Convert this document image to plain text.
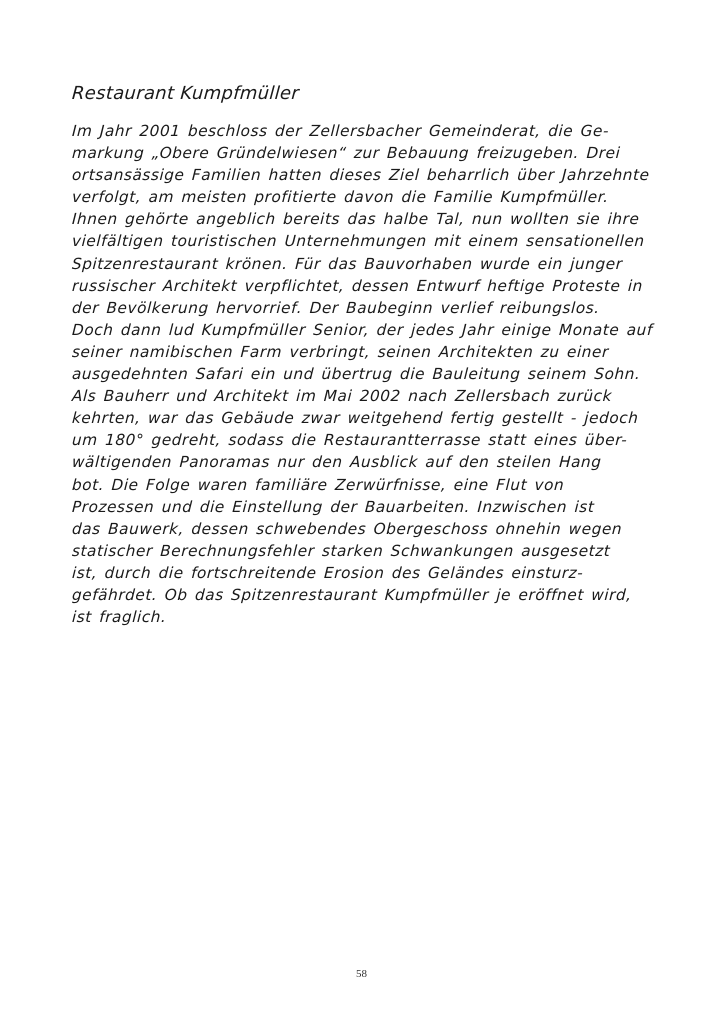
Restaurant Kumpfmüller
Im Jahr 2001 beschloss der Zellersbacher Gemeinderat, die Ge-
markung „Obere Gründelwiesen“ zur Bebauung freizugeben. Drei
ortsansässige Familien hatten dieses Ziel beharrlich über Jahrzehnte
verfolgt, am meisten profitierte davon die Familie Kumpfmüller.
Ihnen gehörte angeblich bereits das halbe Tal, nun wollten sie ihre
vielfältigen touristischen Unternehmungen mit einem sensationellen
Spitzenrestaurant krönen. Für das Bauvorhaben wurde ein junger
russischer Architekt verpflichtet, dessen Entwurf heftige Proteste in
der Bevölkerung hervorrief. Der Baubeginn verlief reibungslos.
Doch dann lud Kumpfmüller Senior, der jedes Jahr einige Monate auf
seiner namibischen Farm verbringt, seinen Architekten zu einer
ausgedehnten Safari ein und übertrug die Bauleitung seinem Sohn.
Als Bauherr und Architekt im Mai 2002 nach Zellersbach zurück
kehrten, war das Gebäude zwar weitgehend fertig gestellt - jedoch
um 180° gedreht, sodass die Restaurantterrasse statt eines über-
wältigenden Panoramas nur den Ausblick auf den steilen Hang
bot. Die Folge waren familiäre Zerwürfnisse, eine Flut von
Prozessen und die Einstellung der Bauarbeiten. Inzwischen ist
das Bauwerk, dessen schwebendes Obergeschoss ohnehin wegen
statischer Berechnungsfehler starken Schwankungen ausgesetzt
ist, durch die fortschreitende Erosion des Geländes einsturz-
gefährdet. Ob das Spitzenrestaurant Kumpfmüller je eröffnet wird,
ist fraglich.
58
